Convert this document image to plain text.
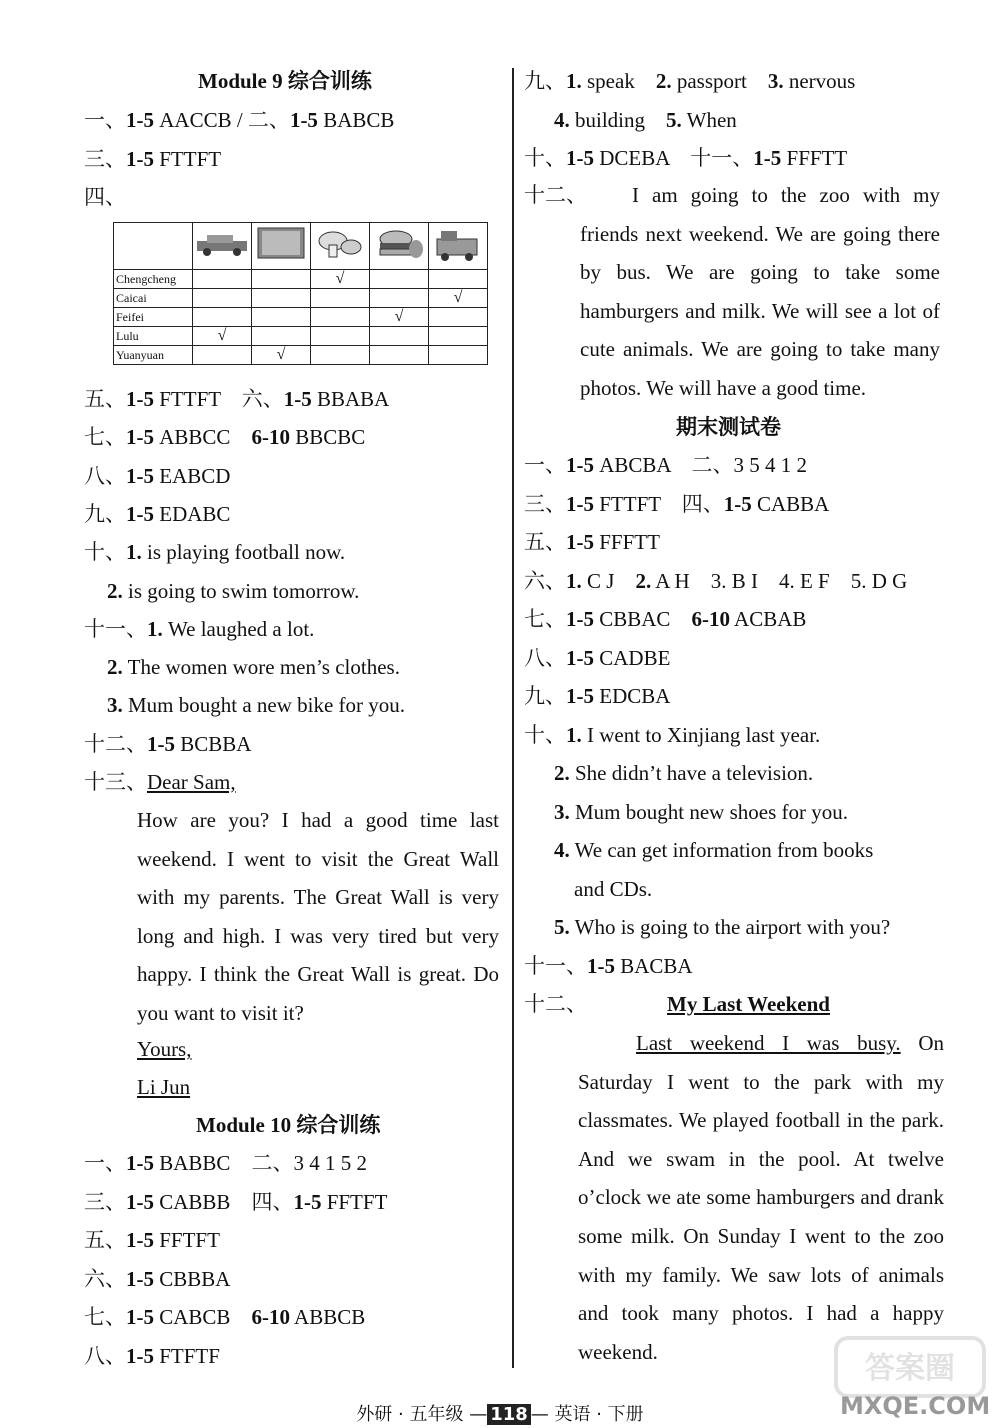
Module 9 综合训练
一、1-5 AACCB / 二、1-5 BABCB
三、1-5 FTTFT
四、

Chengcheng			√		
Caicai					√
Feifei				√	
Lulu	√				
Yuanyuan		√			
五、1-5 FTTFT　六、1-5 BBABA
七、1-5 ABBCC　6-10 BBCBC
八、1-5 EABCD
九、1-5 EDABC
十、1. is playing football now.
2. is going to swim tomorrow.
十一、1. We laughed a lot.
2. The women wore men’s clothes.
3. Mum bought a new bike for you.
十二、1-5 BCBBA
十三、Dear Sam,
How are you? I had a good time last weekend. I went to visit the Great Wall with my parents. The Great Wall is very long and high. I was very tired but very happy. I think the Great Wall is great. Do you want to visit it?
Yours,
Li Jun
Module 10 综合训练
一、1-5 BABBC　二、3 4 1 5 2
三、1-5 CABBB　四、1-5 FFTFT
五、1-5 FFTFT
六、1-5 CBBBA
七、1-5 CABCB　6-10 ABBCB
八、1-5 FTFTF
九、1. speak　2. passport　3. nervous
4. building　5. When
十、1-5 DCEBA　十一、1-5 FFFTT
十二、	I am going to the zoo with my friends next weekend. We are going there by bus. We are going to take some hamburgers and milk. We will see a lot of cute animals. We are going to take many photos. We will have a good time.
期末测试卷
一、1-5 ABCBA　二、3 5 4 1 2
三、1-5 FTTFT　四、1-5 CABBA
五、1-5 FFFTT
六、1. C J　2. A H　3. B I　4. E F　5. D G
七、1-5 CBBAC　6-10 ACBAB
八、1-5 CADBE
九、1-5 EDCBA
十、1. I went to Xinjiang last year.
2. She didn’t have a television.
3. Mum bought new shoes for you.
4. We can get information from books
and CDs.
5. Who is going to the airport with you?
十一、1-5 BACBA
十二、	My Last Weekend
Last weekend I was busy. On Saturday I went to the park with my classmates. We played football in the park. And we swam in the pool. At twelve o’clock we ate some hamburgers and drank some milk. On Sunday I went to the zoo with my family. We saw lots of animals and took many photos. I had a happy weekend.
外研 · 五年级 — 118 — 英语 · 下册
答案圈
MXQE.COM
